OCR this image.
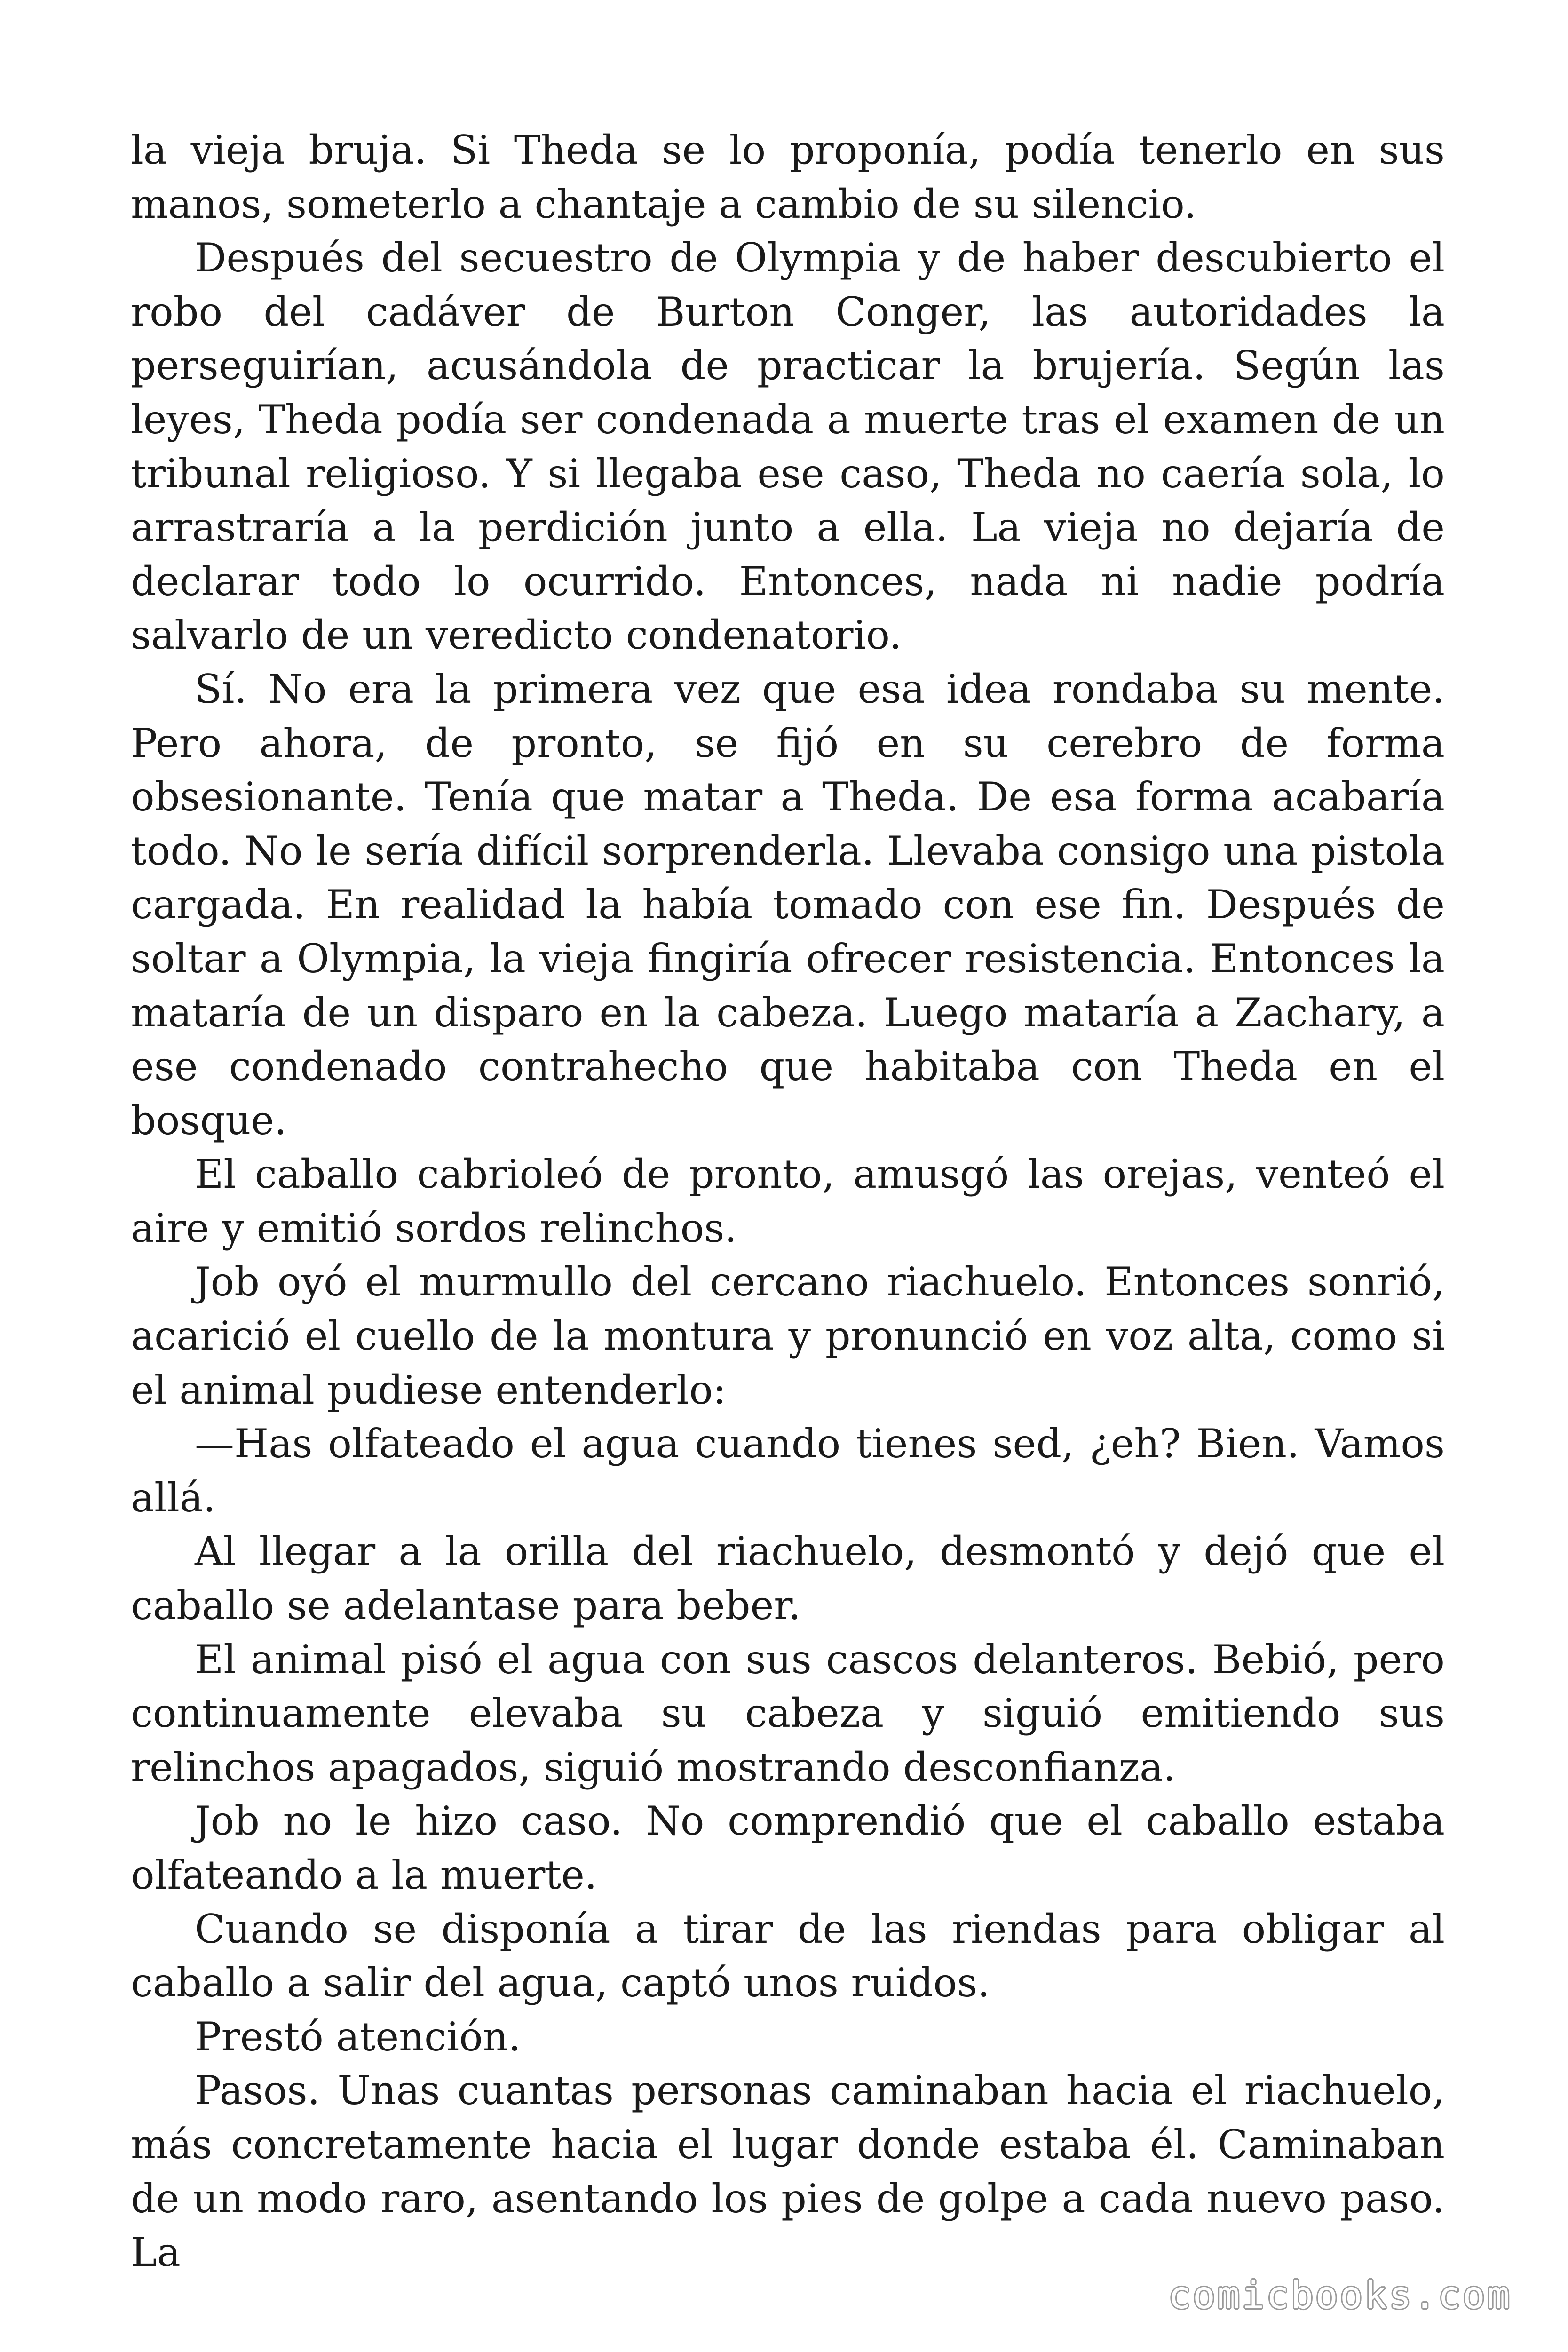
la vieja bruja. Si Theda se lo proponía, podía tenerlo en sus manos, someterlo a chantaje a cambio de su silencio.

Después del secuestro de Olympia y de haber descubierto el robo del cadáver de Burton Conger, las autoridades la perseguirían, acusándola de practicar la brujería. Según las leyes, Theda podía ser condenada a muerte tras el examen de un tribunal religioso. Y si llegaba ese caso, Theda no caería sola, lo arrastraría a la perdición junto a ella. La vieja no dejaría de declarar todo lo ocurrido. Entonces, nada ni nadie podría salvarlo de un veredicto condenatorio.

Sí. No era la primera vez que esa idea rondaba su mente. Pero ahora, de pronto, se fijó en su cerebro de forma obsesionante. Tenía que matar a Theda. De esa forma acabaría todo. No le sería difícil sorprenderla. Llevaba consigo una pistola cargada. En realidad la había tomado con ese fin. Después de soltar a Olympia, la vieja fingiría ofrecer resistencia. Entonces la mataría de un disparo en la cabeza. Luego mataría a Zachary, a ese condenado contrahecho que habitaba con Theda en el bosque.

El caballo cabrioleó de pronto, amusgó las orejas, venteó el aire y emitió sordos relinchos.

Job oyó el murmullo del cercano riachuelo. Entonces sonrió, acarició el cuello de la montura y pronunció en voz alta, como si el animal pudiese entenderlo:

—Has olfateado el agua cuando tienes sed, ¿eh? Bien. Vamos allá.

Al llegar a la orilla del riachuelo, desmontó y dejó que el caballo se adelantase para beber.

El animal pisó el agua con sus cascos delanteros. Bebió, pero continuamente elevaba su cabeza y siguió emitiendo sus relinchos apagados, siguió mostrando desconfianza.

Job no le hizo caso. No comprendió que el caballo estaba olfateando a la muerte.

Cuando se disponía a tirar de las riendas para obligar al caballo a salir del agua, captó unos ruidos.

Prestó atención.

Pasos. Unas cuantas personas caminaban hacia el riachuelo, más concretamente hacia el lugar donde estaba él. Caminaban de un modo raro, asentando los pies de golpe a cada nuevo paso. La

comicbooks.com
